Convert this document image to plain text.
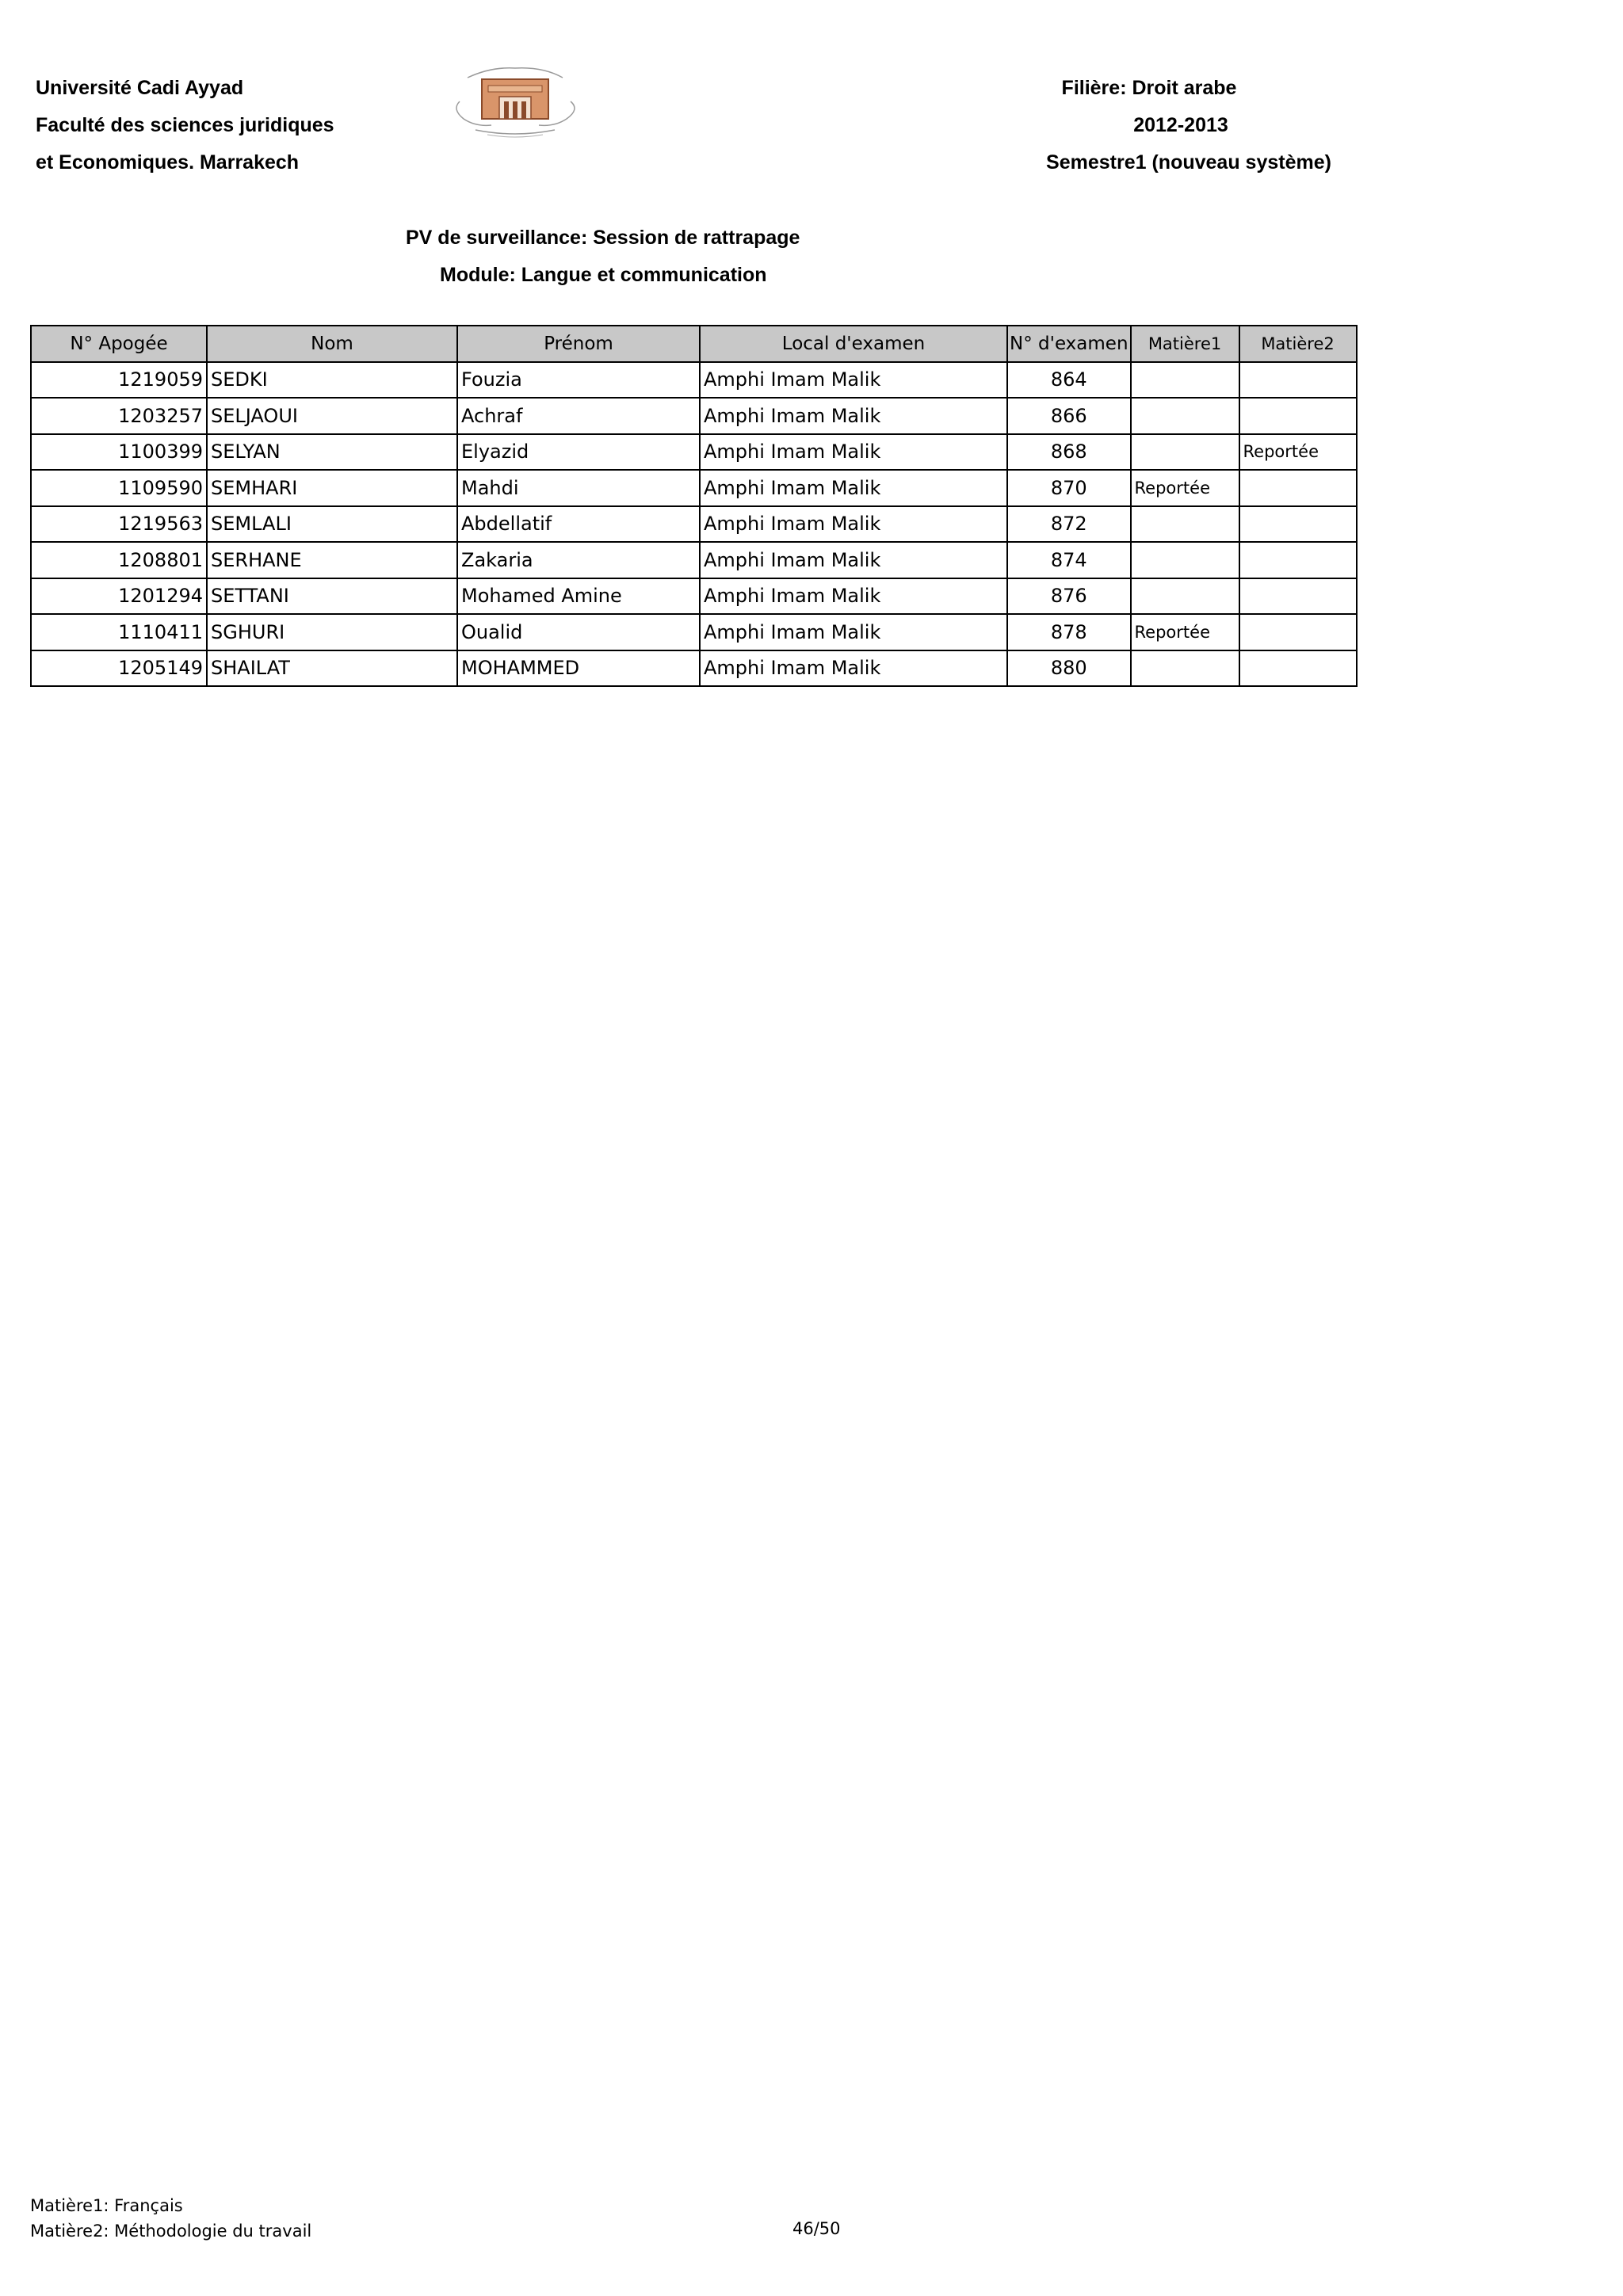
Université Cadi Ayyad
Faculté des sciences juridiques
et Economiques. Marrakech
Filière: Droit arabe
2012-2013
Semestre1 (nouveau système)
PV de surveillance: Session de rattrapage
Module: Langue et communication
N° Apogée	Nom	Prénom	Local d'examen	N° d'examen	Matière1	Matière2
1219059	SEDKI	Fouzia	Amphi Imam Malik	864		
1203257	SELJAOUI	Achraf	Amphi Imam Malik	866		
1100399	SELYAN	Elyazid	Amphi Imam Malik	868		Reportée
1109590	SEMHARI	Mahdi	Amphi Imam Malik	870	Reportée	
1219563	SEMLALI	Abdellatif	Amphi Imam Malik	872		
1208801	SERHANE	Zakaria	Amphi Imam Malik	874		
1201294	SETTANI	Mohamed Amine	Amphi Imam Malik	876		
1110411	SGHURI	Oualid	Amphi Imam Malik	878	Reportée	
1205149	SHAILAT	MOHAMMED	Amphi Imam Malik	880		
Matière1: Français
Matière2: Méthodologie du travail	46/50
